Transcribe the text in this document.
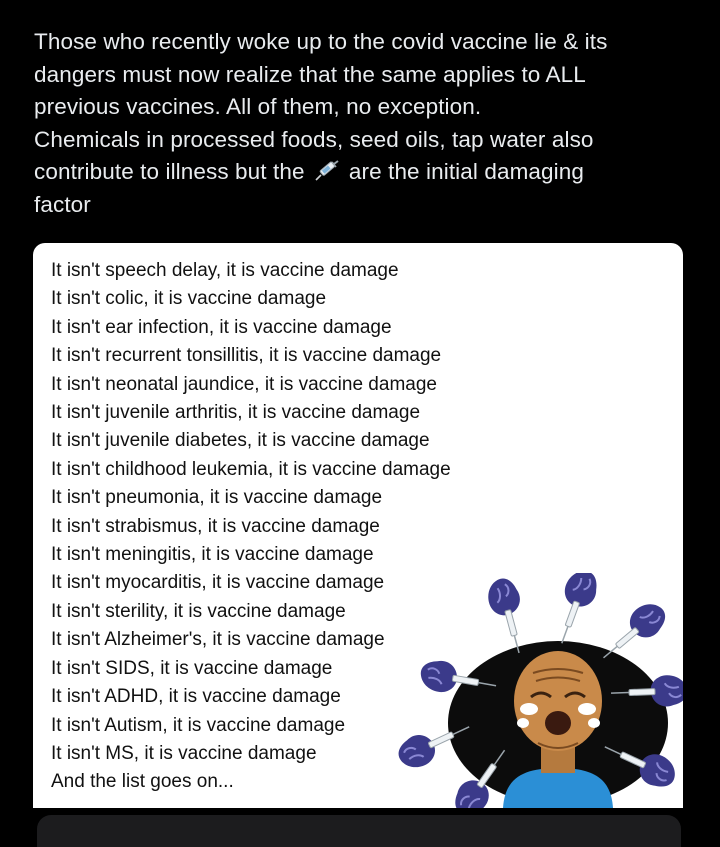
Those who recently woke up to the covid vaccine lie & its
dangers must now realize that the same applies to ALL
previous vaccines. All of them, no exception.
Chemicals in processed foods, seed oils, tap water also
contribute to illness but the are the initial damaging
factor
It isn't speech delay, it is vaccine damage
It isn't colic, it is vaccine damage
It isn't ear infection, it is vaccine damage
It isn't recurrent tonsillitis, it is vaccine damage
It isn't neonatal jaundice, it is vaccine damage
It isn't juvenile arthritis, it is vaccine damage
It isn't juvenile diabetes, it is vaccine damage
It isn't childhood leukemia, it is vaccine damage
It isn't pneumonia, it is vaccine damage
It isn't strabismus, it is vaccine damage
It isn't meningitis, it is vaccine damage
It isn't myocarditis, it is vaccine damage
It isn't sterility, it is vaccine damage
It isn't Alzheimer's, it is vaccine damage
It isn't SIDS, it is vaccine damage
It isn't ADHD, it is vaccine damage
It isn't Autism, it is vaccine damage
It isn't MS, it is vaccine damage
And the list goes on...
